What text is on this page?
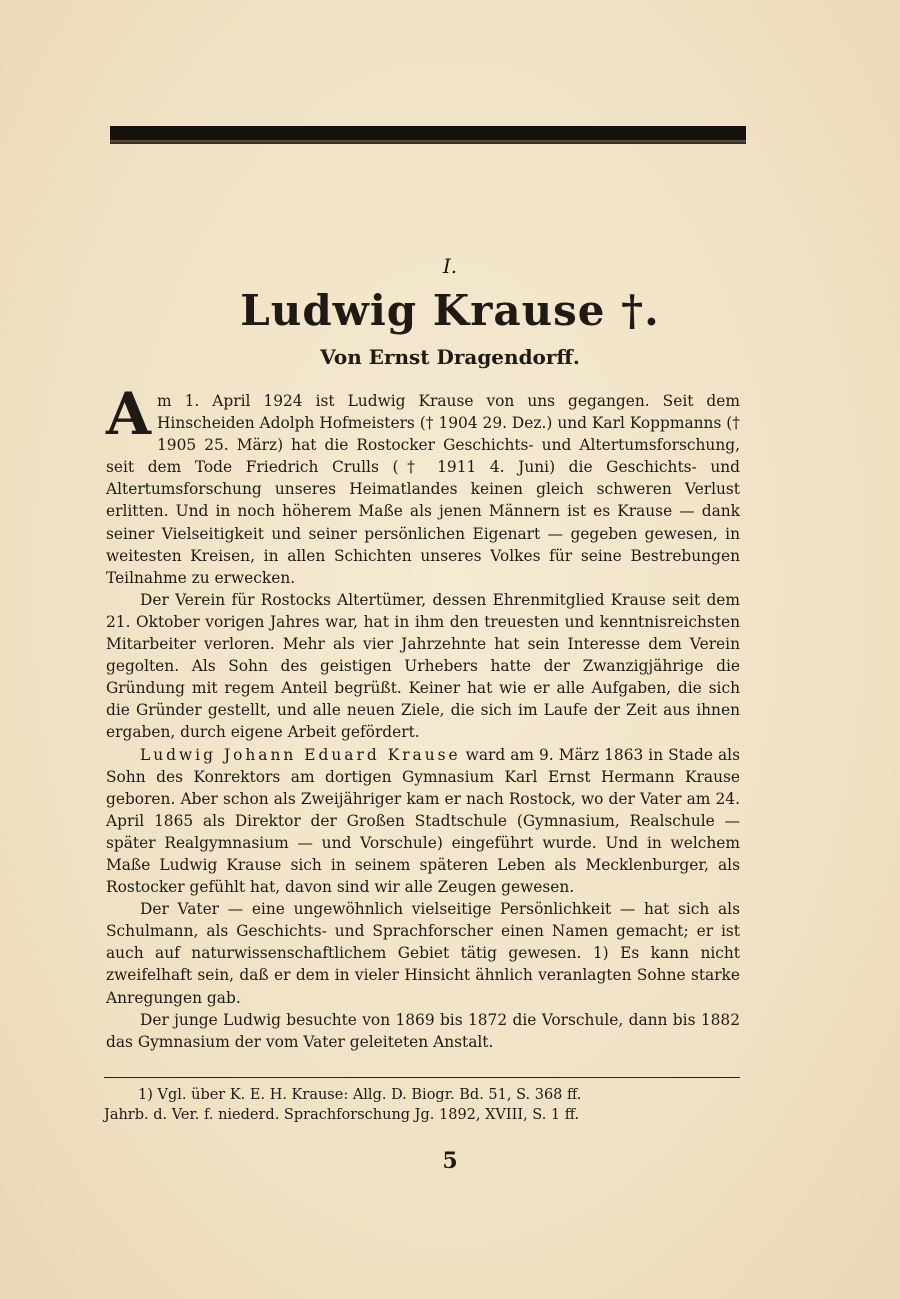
I.
Ludwig Krause †.
Von Ernst Dragendorff.

Am 1. April 1924 ist Ludwig Krause von uns gegangen. Seit dem Hinscheiden Adolph Hofmeisters († 1904 29. Dez.) und Karl Koppmanns († 1905 25. März) hat die Rostocker Geschichts- und Altertumsforschung, seit dem Tode Friedrich Crulls († 1911 4. Juni) die Geschichts- und Altertumsforschung unseres Heimatlandes keinen gleich schweren Verlust erlitten. Und in noch höherem Maße als jenen Männern ist es Krause — dank seiner Vielseitigkeit und seiner persönlichen Eigenart — gegeben gewesen, in weitesten Kreisen, in allen Schichten unseres Volkes für seine Bestrebungen Teilnahme zu erwecken.

Der Verein für Rostocks Altertümer, dessen Ehrenmitglied Krause seit dem 21. Oktober vorigen Jahres war, hat in ihm den treuesten und kenntnisreichsten Mitarbeiter verloren. Mehr als vier Jahrzehnte hat sein Interesse dem Verein gegolten. Als Sohn des geistigen Urhebers hatte der Zwanzigjährige die Gründung mit regem Anteil begrüßt. Keiner hat wie er alle Aufgaben, die sich die Gründer gestellt, und alle neuen Ziele, die sich im Laufe der Zeit aus ihnen ergaben, durch eigene Arbeit gefördert.

Ludwig Johann Eduard Krause ward am 9. März 1863 in Stade als Sohn des Konrektors am dortigen Gymnasium Karl Ernst Hermann Krause geboren. Aber schon als Zweijähriger kam er nach Rostock, wo der Vater am 24. April 1865 als Direktor der Großen Stadtschule (Gymnasium, Realschule — später Realgymnasium — und Vorschule) eingeführt wurde. Und in welchem Maße Ludwig Krause sich in seinem späteren Leben als Mecklenburger, als Rostocker gefühlt hat, davon sind wir alle Zeugen gewesen.

Der Vater — eine ungewöhnlich vielseitige Persönlichkeit — hat sich als Schulmann, als Geschichts- und Sprachforscher einen Namen gemacht; er ist auch auf naturwissenschaftlichem Gebiet tätig gewesen. 1) Es kann nicht zweifelhaft sein, daß er dem in vieler Hinsicht ähnlich veranlagten Sohne starke Anregungen gab.

Der junge Ludwig besuchte von 1869 bis 1872 die Vorschule, dann bis 1882 das Gymnasium der vom Vater geleiteten Anstalt.

1) Vgl. über K. E. H. Krause: Allg. D. Biogr. Bd. 51, S. 368 ff.

Jahrb. d. Ver. f. niederd. Sprachforschung Jg. 1892, XVIII, S. 1 ff.
5
